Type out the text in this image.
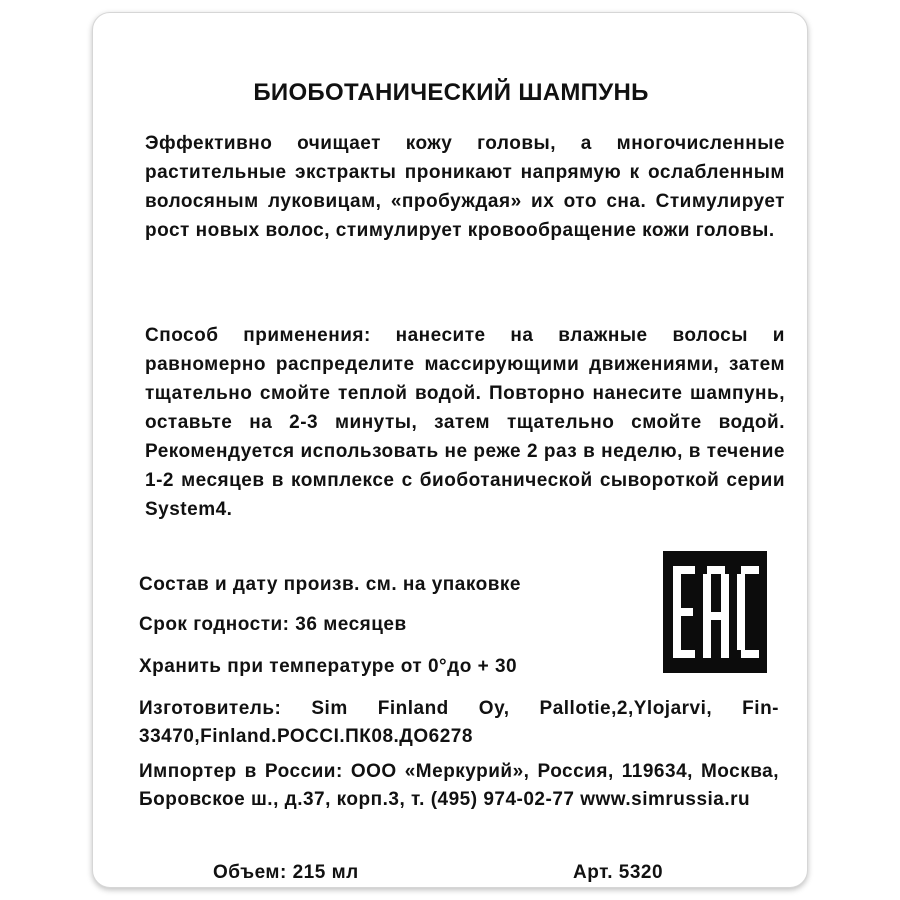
БИОБОТАНИЧЕСКИЙ ШАМПУНЬ

Эффективно очищает кожу головы, а многочисленные растительные экстракты проникают напрямую к ослабленным волосяным луковицам, «пробуждая» их ото сна. Стимулирует рост новых волос, стимулирует кровообращение кожи головы.

Способ применения: нанесите на влажные волосы и равномерно распределите массирующими движениями, затем тщательно смойте теплой водой. Повторно нанесите шампунь, оставьте на 2-3 минуты, затем тщательно смойте водой. Рекомендуется использовать не реже 2 раз в неделю, в течение 1-2 месяцев в комплексе с биоботанической сывороткой серии System4.

Состав и дату произв. см. на упаковке

Срок годности: 36 месяцев

Хранить при температуре от 0°до + 30

Изготовитель: Sim Finland Oy, Pallotie,2,Ylojarvi, Fin-33470,Finland.РОССI.ПК08.ДО6278

Импортер в России: ООО «Меркурий», Россия, 119634, Москва, Боровское ш., д.37, корп.3, т. (495) 974-02-77 www.simrussia.ru

Объем: 215 мл	Арт. 5320
